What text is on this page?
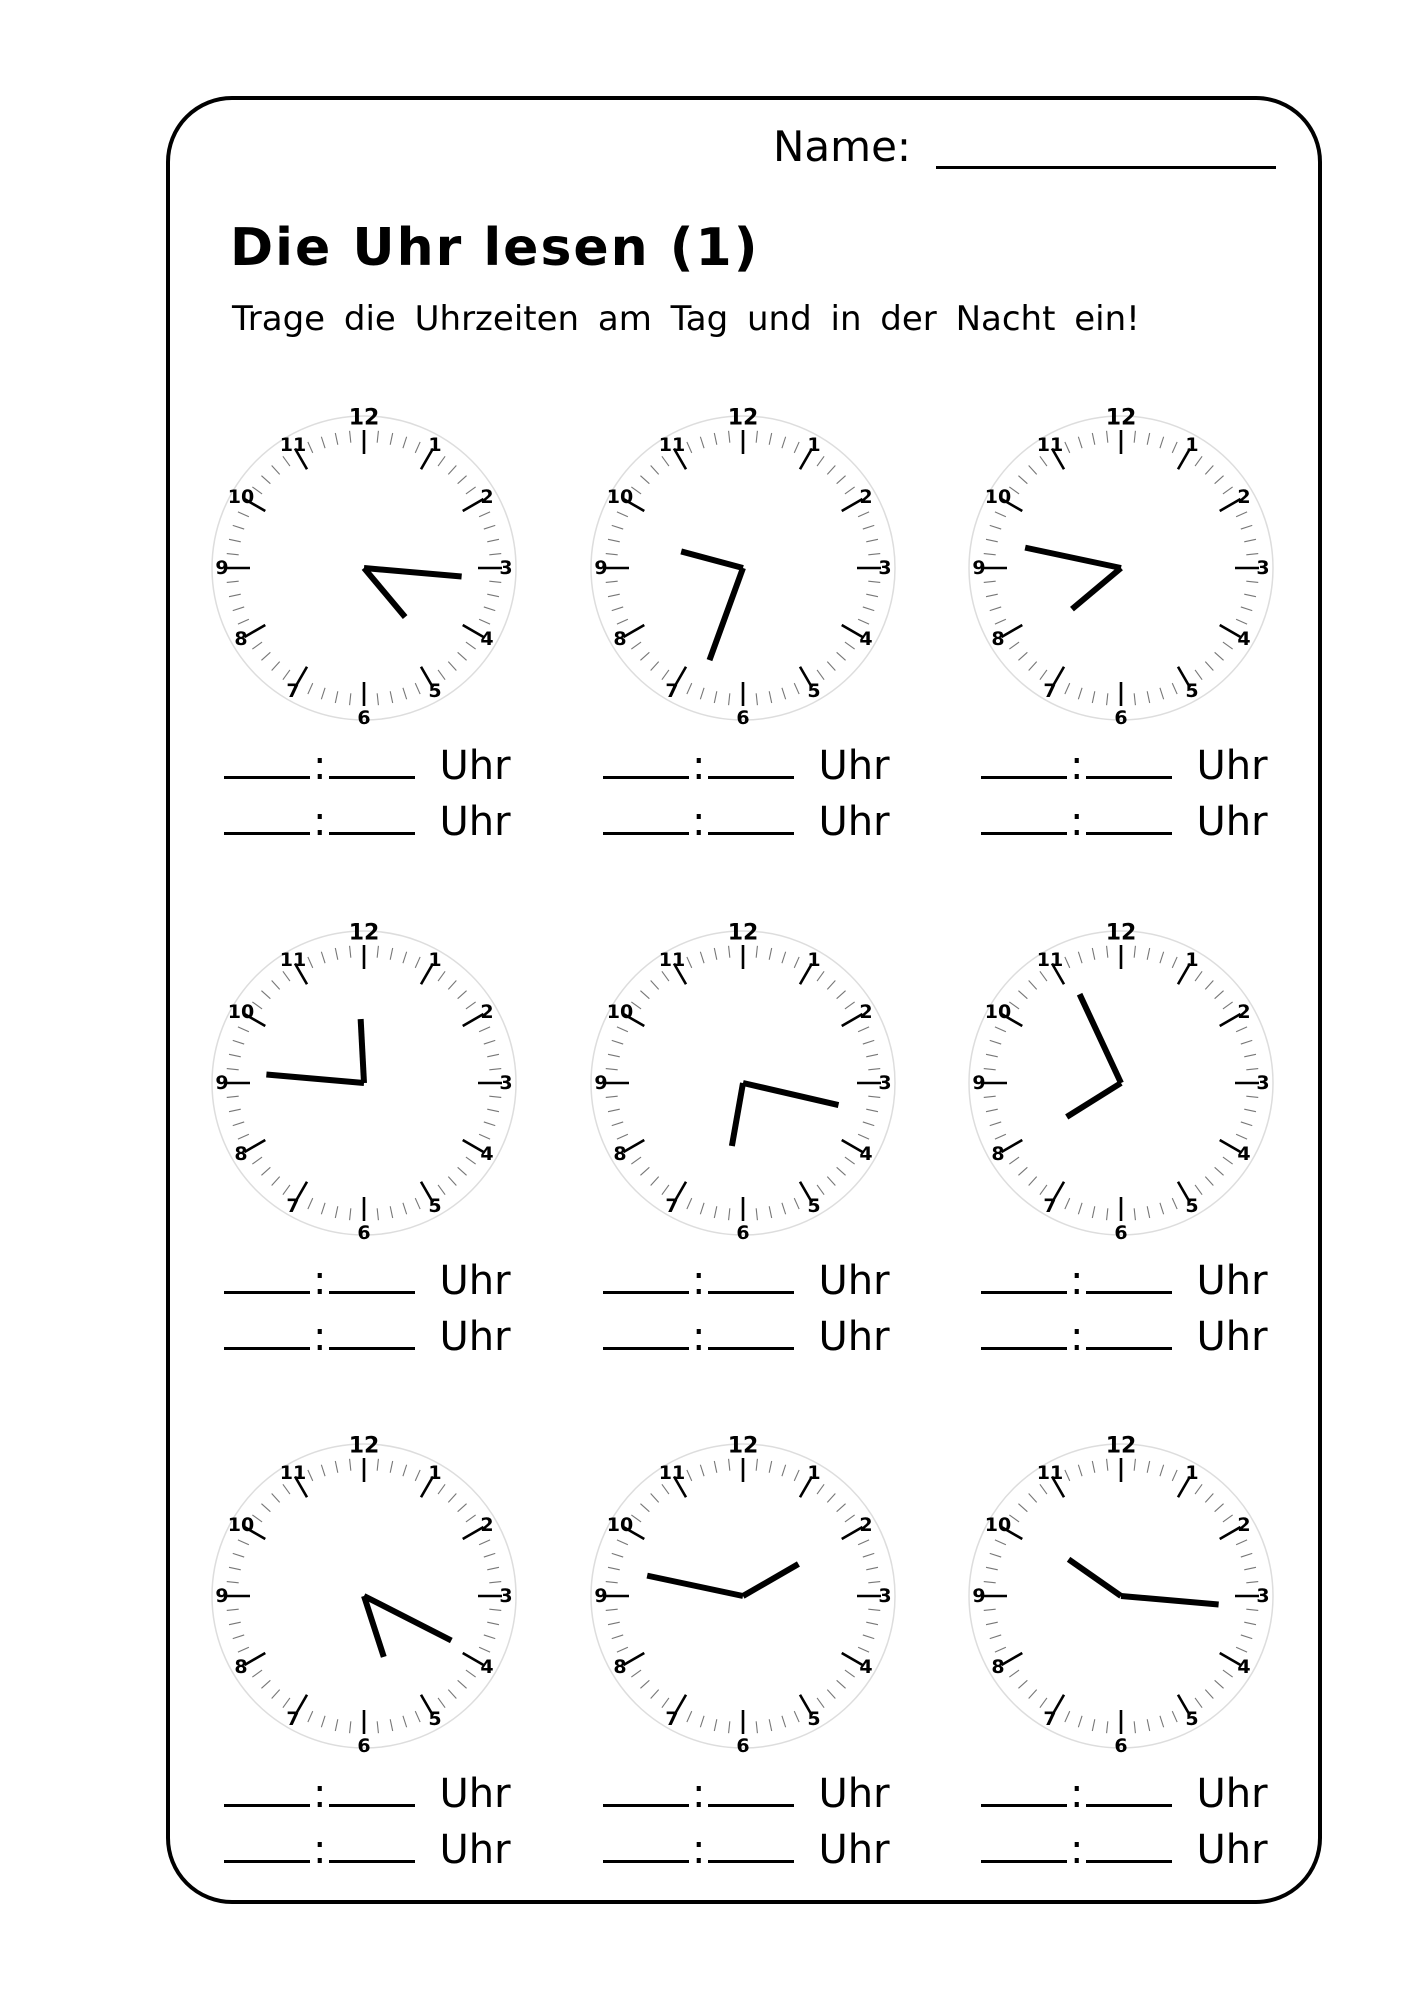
Name:
Die Uhr lesen (1)
Trage die Uhrzeiten am Tag und in der Nacht ein!
12
1
2
3
4
5
6
7
8
9
10
11
:	Uhr
:	Uhr
12
1
2
3
4
5
6
7
8
9
10
11
:	Uhr
:	Uhr
12
1
2
3
4
5
6
7
8
9
10
11
:	Uhr
:	Uhr
12
1
2
3
4
5
6
7
8
9
10
11
:	Uhr
:	Uhr
12
1
2
3
4
5
6
7
8
9
10
11
:	Uhr
:	Uhr
12
1
2
3
4
5
6
7
8
9
10
11
:	Uhr
:	Uhr
12
1
2
3
4
5
6
7
8
9
10
11
:	Uhr
:	Uhr
12
1
2
3
4
5
6
7
8
9
10
11
:	Uhr
:	Uhr
12
1
2
3
4
5
6
7
8
9
10
11
:	Uhr
:	Uhr
